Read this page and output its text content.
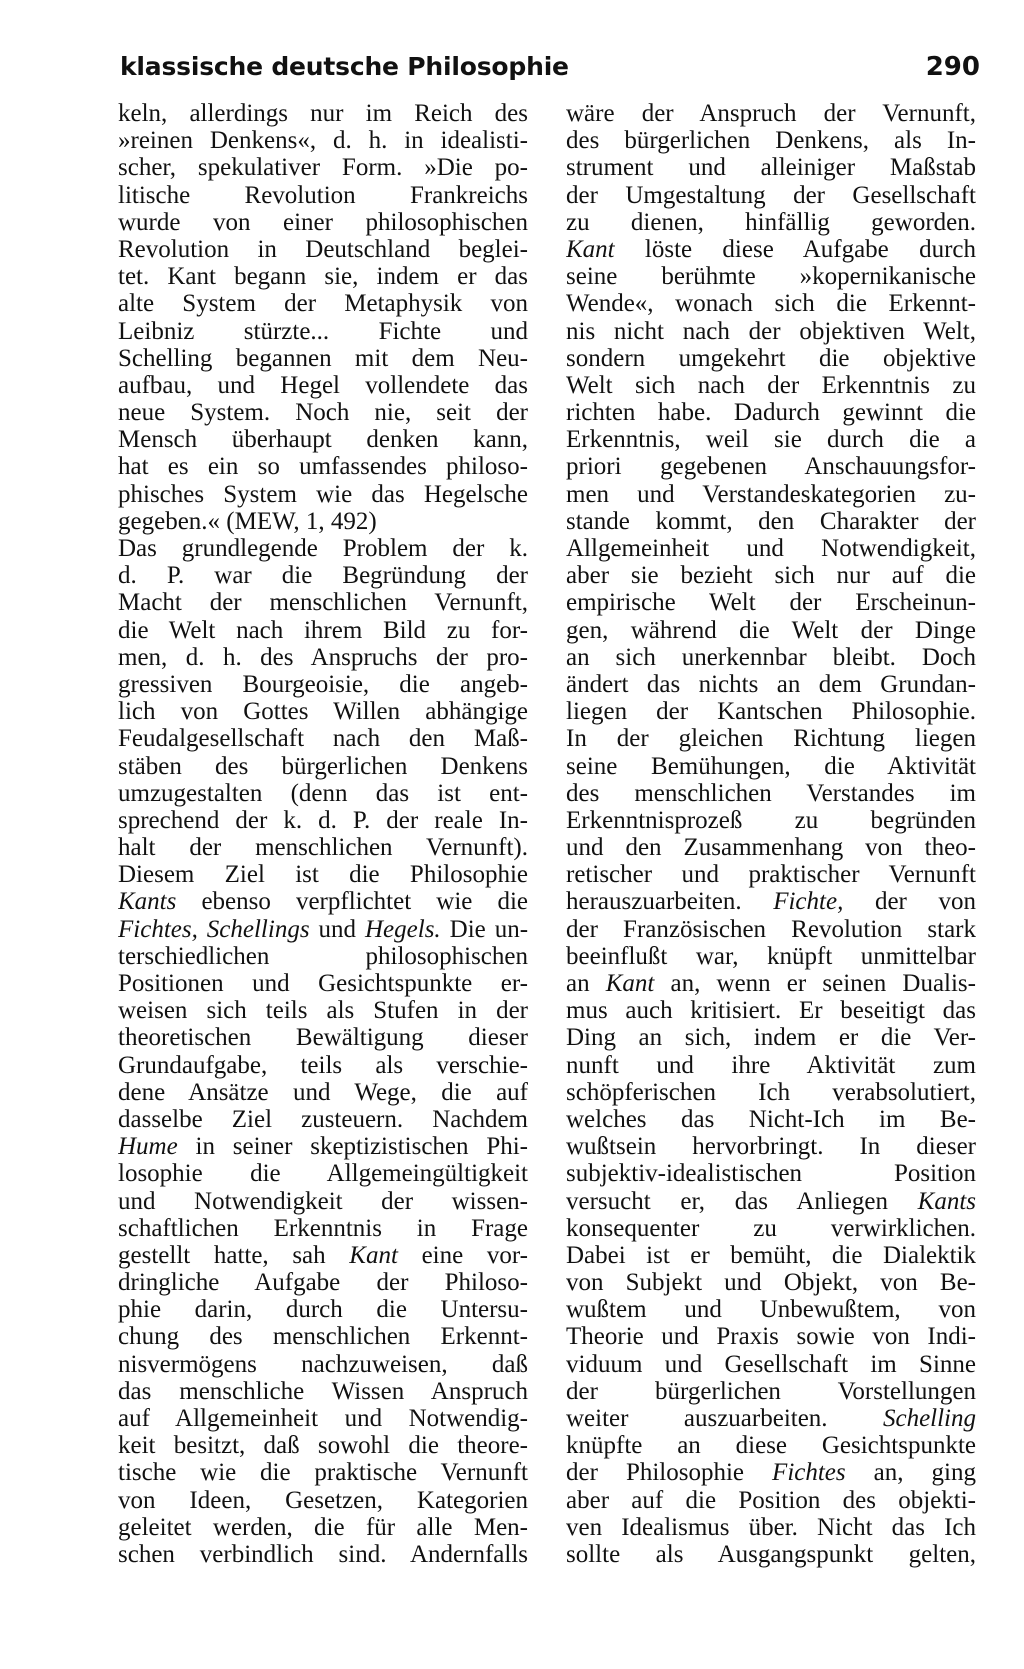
klassische deutsche Philosophie	290
keln, allerdings nur im Reich des
»reinen Denkens«, d. h. in idealisti-
scher, spekulativer Form. »Die po-
litische Revolution Frankreichs
wurde von einer philosophischen
Revolution in Deutschland beglei-
tet. Kant begann sie, indem er das
alte System der Metaphysik von
Leibniz stürzte... Fichte und
Schelling begannen mit dem Neu-
aufbau, und Hegel vollendete das
neue System. Noch nie, seit der
Mensch überhaupt denken kann,
hat es ein so umfassendes philoso-
phisches System wie das Hegelsche
gegeben.« (MEW, 1, 492)
Das grundlegende Problem der k.
d. P. war die Begründung der
Macht der menschlichen Vernunft,
die Welt nach ihrem Bild zu for-
men, d. h. des Anspruchs der pro-
gressiven Bourgeoisie, die angeb-
lich von Gottes Willen abhängige
Feudalgesellschaft nach den Maß-
stäben des bürgerlichen Denkens
umzugestalten (denn das ist ent-
sprechend der k. d. P. der reale In-
halt der menschlichen Vernunft).
Diesem Ziel ist die Philosophie
Kants ebenso verpflichtet wie die
Fichtes, Schellings und Hegels. Die un-
terschiedlichen philosophischen
Positionen und Gesichtspunkte er-
weisen sich teils als Stufen in der
theoretischen Bewältigung dieser
Grundaufgabe, teils als verschie-
dene Ansätze und Wege, die auf
dasselbe Ziel zusteuern. Nachdem
Hume in seiner skeptizistischen Phi-
losophie die Allgemeingültigkeit
und Notwendigkeit der wissen-
schaftlichen Erkenntnis in Frage
gestellt hatte, sah Kant eine vor-
dringliche Aufgabe der Philoso-
phie darin, durch die Untersu-
chung des menschlichen Erkennt-
nisvermögens nachzuweisen, daß
das menschliche Wissen Anspruch
auf Allgemeinheit und Notwendig-
keit besitzt, daß sowohl die theore-
tische wie die praktische Vernunft
von Ideen, Gesetzen, Kategorien
geleitet werden, die für alle Men-
schen verbindlich sind. Andernfalls
wäre der Anspruch der Vernunft,
des bürgerlichen Denkens, als In-
strument und alleiniger Maßstab
der Umgestaltung der Gesellschaft
zu dienen, hinfällig geworden.
Kant löste diese Aufgabe durch
seine berühmte »kopernikanische
Wende«, wonach sich die Erkennt-
nis nicht nach der objektiven Welt,
sondern umgekehrt die objektive
Welt sich nach der Erkenntnis zu
richten habe. Dadurch gewinnt die
Erkenntnis, weil sie durch die a
priori gegebenen Anschauungsfor-
men und Verstandeskategorien zu-
stande kommt, den Charakter der
Allgemeinheit und Notwendigkeit,
aber sie bezieht sich nur auf die
empirische Welt der Erscheinun-
gen, während die Welt der Dinge
an sich unerkennbar bleibt. Doch
ändert das nichts an dem Grundan-
liegen der Kantschen Philosophie.
In der gleichen Richtung liegen
seine Bemühungen, die Aktivität
des menschlichen Verstandes im
Erkenntnisprozeß zu begründen
und den Zusammenhang von theo-
retischer und praktischer Vernunft
herauszuarbeiten. Fichte, der von
der Französischen Revolution stark
beeinflußt war, knüpft unmittelbar
an Kant an, wenn er seinen Dualis-
mus auch kritisiert. Er beseitigt das
Ding an sich, indem er die Ver-
nunft und ihre Aktivität zum
schöpferischen Ich verabsolutiert,
welches das Nicht-Ich im Be-
wußtsein hervorbringt. In dieser
subjektiv-idealistischen Position
versucht er, das Anliegen Kants
konsequenter zu verwirklichen.
Dabei ist er bemüht, die Dialektik
von Subjekt und Objekt, von Be-
wußtem und Unbewußtem, von
Theorie und Praxis sowie von Indi-
viduum und Gesellschaft im Sinne
der bürgerlichen Vorstellungen
weiter auszuarbeiten. Schelling
knüpfte an diese Gesichtspunkte
der Philosophie Fichtes an, ging
aber auf die Position des objekti-
ven Idealismus über. Nicht das Ich
sollte als Ausgangspunkt gelten,
